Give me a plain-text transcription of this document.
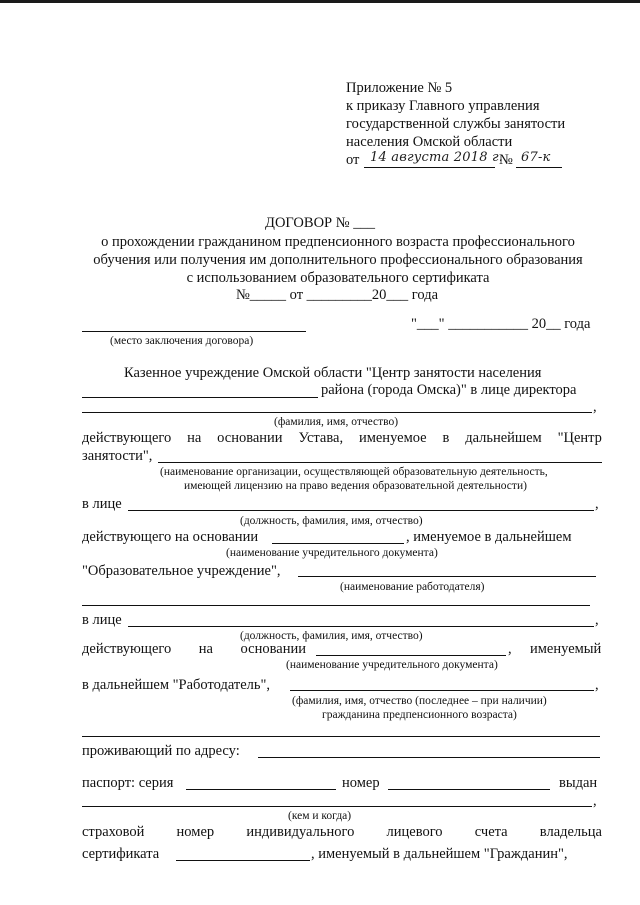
Приложение № 5
к приказу Главного управления
государственной службы занятости
населения Омской области
от 14 августа 2018 г.
№ 67-к
ДОГОВОР № ___
о прохождении гражданином предпенсионного возраста профессионального
обучения или получения им дополнительного профессионального образования
с использованием образовательного сертификата
№_____ от _________20___ года
"___" ___________ 20__ года
(место заключения договора)
Казенное учреждение Омской области "Центр занятости населения
района (города Омска)" в лице директора
,
(фамилия, имя, отчество)
действующего на основании Устава, именуемое в дальнейшем "Центр
занятости",
(наименование организации, осуществляющей образовательную деятельность,
имеющей лицензию на право ведения образовательной деятельности)
в лице	,
(должность, фамилия, имя, отчество)
действующего на основании	, именуемое в дальнейшем
(наименование учредительного документа)
"Образовательное учреждение",
(наименование работодателя)
в лице	,
(должность, фамилия, имя, отчество)
действующего на основании	, именуемый
(наименование учредительного документа)
в дальнейшем "Работодатель",	,
(фамилия, имя, отчество (последнее – при наличии)
гражданина предпенсионного возраста)
проживающий по адресу:
паспорт: серия	номер	выдан
,
(кем и когда)
страховой номер индивидуального лицевого счета владельца
сертификата	, именуемый в дальнейшем "Гражданин",
